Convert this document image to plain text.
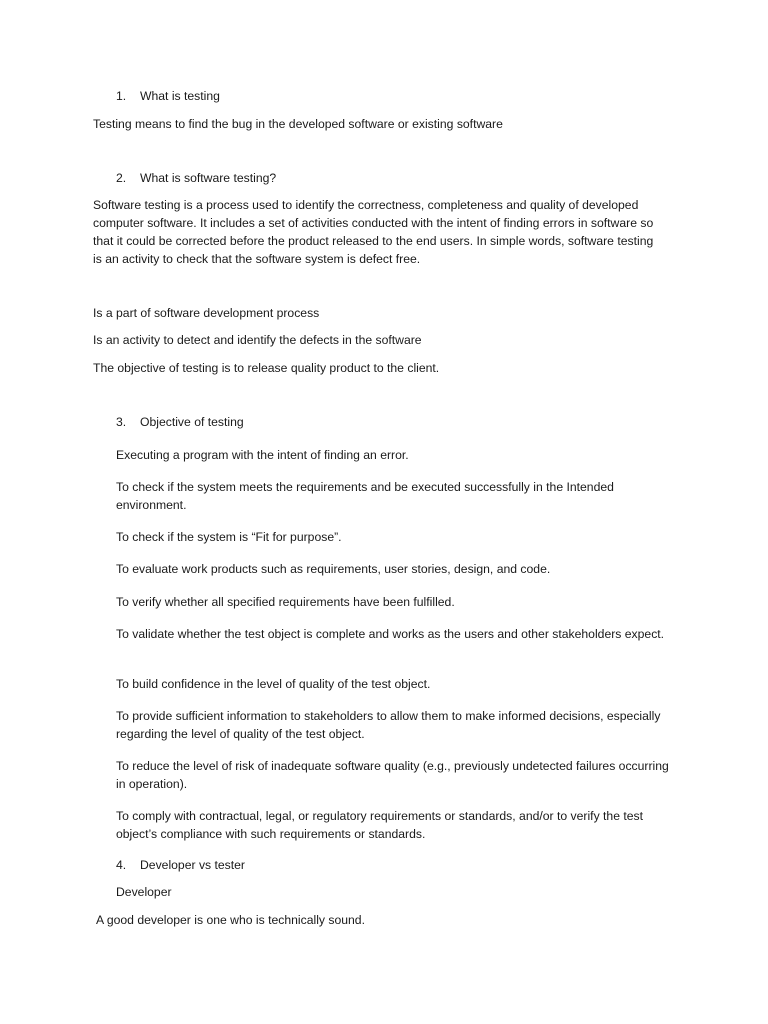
1. What is testing
Testing means to find the bug in the developed software or existing software
2. What is software testing?
Software testing is a process used to identify the correctness, completeness and quality of developed computer software. It includes a set of activities conducted with the intent of finding errors in software so that it could be corrected before the product released to the end users. In simple words, software testing is an activity to check that the software system is defect free.
Is a part of software development process
Is an activity to detect and identify the defects in the software
The objective of testing is to release quality product to the client.
3. Objective of testing
Executing a program with the intent of finding an error.
To check if the system meets the requirements and be executed successfully in the Intended environment.
To check if the system is “Fit for purpose”.
To evaluate work products such as requirements, user stories, design, and code.
To verify whether all specified requirements have been fulfilled.
To validate whether the test object is complete and works as the users and other stakeholders expect.
To build confidence in the level of quality of the test object.
To provide sufficient information to stakeholders to allow them to make informed decisions, especially regarding the level of quality of the test object.
To reduce the level of risk of inadequate software quality (e.g., previously undetected failures occurring in operation).
To comply with contractual, legal, or regulatory requirements or standards, and/or to verify the test object’s compliance with such requirements or standards.
4. Developer vs tester
Developer
A good developer is one who is technically sound.
